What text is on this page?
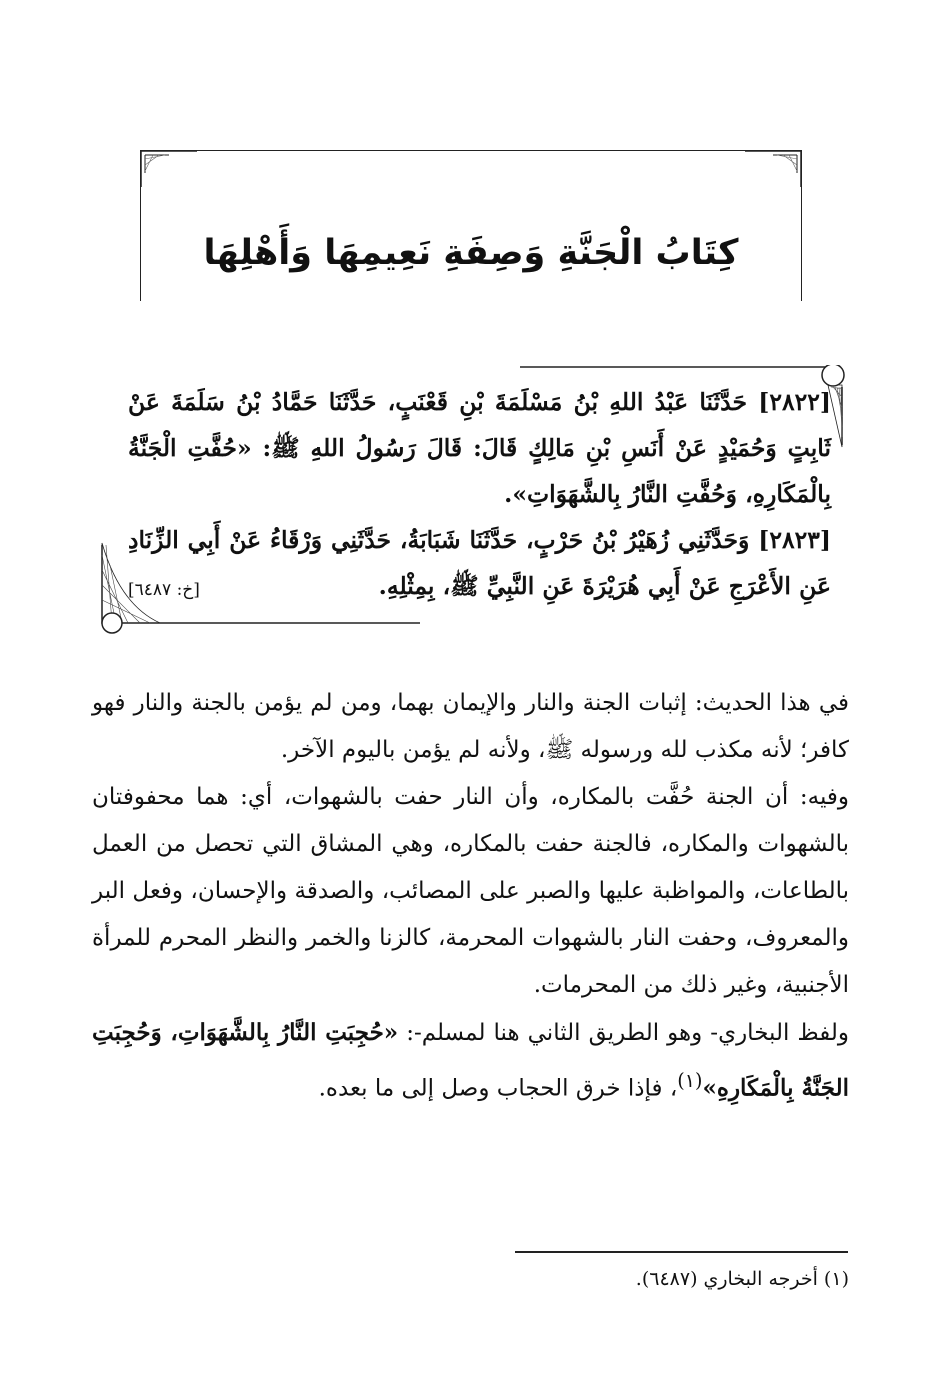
كِتَابُ الْجَنَّةِ وَصِفَةِ نَعِيمِهَا وَأَهْلِهَا

[٢٨٢٢] حَدَّثَنَا عَبْدُ اللهِ بْنُ مَسْلَمَةَ بْنِ قَعْنَبٍ، حَدَّثَنَا حَمَّادُ بْنُ سَلَمَةَ عَنْ ثَابِتٍ وَحُمَيْدٍ عَنْ أَنَسِ بْنِ مَالِكٍ قَالَ: قَالَ رَسُولُ اللهِ ﷺ: «حُفَّتِ الْجَنَّةُ بِالْمَكَارِهِ، وَحُفَّتِ النَّارُ بِالشَّهَوَاتِ».

[٢٨٢٣] وَحَدَّثَنِي زُهَيْرُ بْنُ حَرْبٍ، حَدَّثَنَا شَبَابَةُ، حَدَّثَنِي وَرْقَاءُ عَنْ أَبِي الزِّنَادِ عَنِ الأَعْرَجِ عَنْ أَبِي هُرَيْرَةَ عَنِ النَّبِيِّ ﷺ، بِمِثْلِهِ.
[خ: ٦٤٨٧]

في هذا الحديث: إثبات الجنة والنار والإيمان بهما، ومن لم يؤمن بالجنة والنار فهو كافر؛ لأنه مكذب لله ورسوله ﷺ، ولأنه لم يؤمن باليوم الآخر.

وفيه: أن الجنة حُفَّت بالمكاره، وأن النار حفت بالشهوات، أي: هما محفوفتان بالشهوات والمكاره، فالجنة حفت بالمكاره، وهي المشاق التي تحصل من العمل بالطاعات، والمواظبة عليها والصبر على المصائب، والصدقة والإحسان، وفعل البر والمعروف، وحفت النار بالشهوات المحرمة، كالزنا والخمر والنظر المحرم للمرأة الأجنبية، وغير ذلك من المحرمات.

ولفظ البخاري- وهو الطريق الثاني هنا لمسلم-: «حُجِبَتِ النَّارُ بِالشَّهَوَاتِ، وَحُجِبَتِ الجَنَّةُ بِالْمَكَارِهِ»$^{(١)}$، فإذا خرق الحجاب وصل إلى ما بعده.

(١) أخرجه البخاري (٦٤٨٧).
